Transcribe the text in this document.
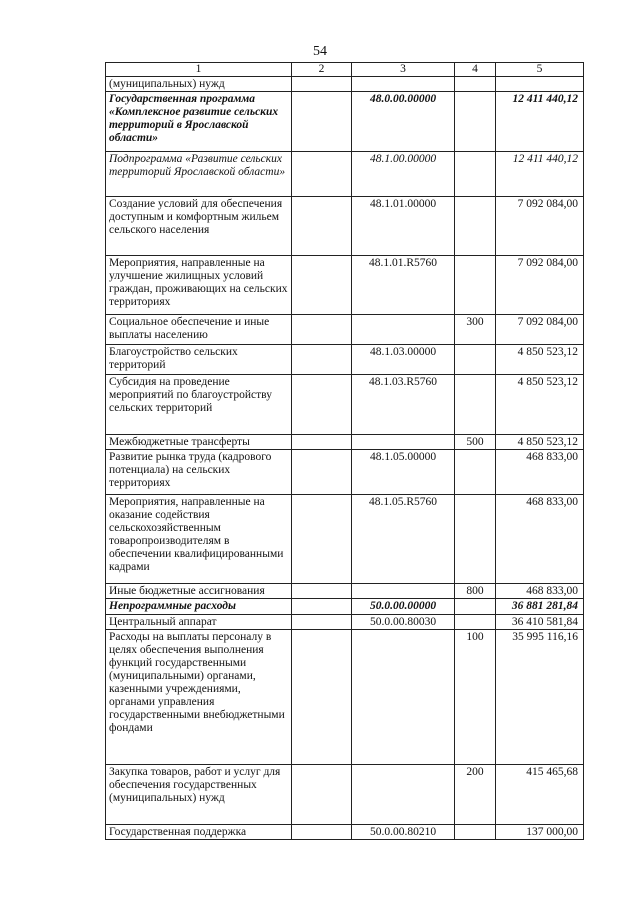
54
1	2	3	4	5
(муниципальных) нужд				
Государственная программа «Комплексное развитие сельских территорий в Ярославской области»		48.0.00.00000		12 411 440,12
Подпрограмма «Развитие сельских территорий Ярославской области»		48.1.00.00000		12 411 440,12
Создание условий для обеспечения доступным и комфортным жильем сельского населения		48.1.01.00000		7 092 084,00
Мероприятия, направленные на улучшение жилищных условий граждан, проживающих на сельских территориях		48.1.01.R5760		7 092 084,00
Социальное обеспечение и иные выплаты населению			300	7 092 084,00
Благоустройство сельских территорий		48.1.03.00000		4 850 523,12
Субсидия на проведение мероприятий по благоустройству сельских территорий		48.1.03.R5760		4 850 523,12
Межбюджетные трансферты			500	4 850 523,12
Развитие рынка труда (кадрового потенциала) на сельских территориях		48.1.05.00000		468 833,00
Мероприятия, направленные на оказание содействия сельскохозяйственным товаропроизводителям в обеспечении квалифицированными кадрами		48.1.05.R5760		468 833,00
Иные бюджетные ассигнования			800	468 833,00
Непрограммные расходы		50.0.00.00000		36 881 281,84
Центральный аппарат		50.0.00.80030		36 410 581,84
Расходы на выплаты персоналу в целях обеспечения выполнения функций государственными (муниципальными) органами, казенными учреждениями, органами управления государственными внебюджетными фондами			100	35 995 116,16
Закупка товаров, работ и услуг для обеспечения государственных (муниципальных) нужд			200	415 465,68
Государственная поддержка		50.0.00.80210		137 000,00
